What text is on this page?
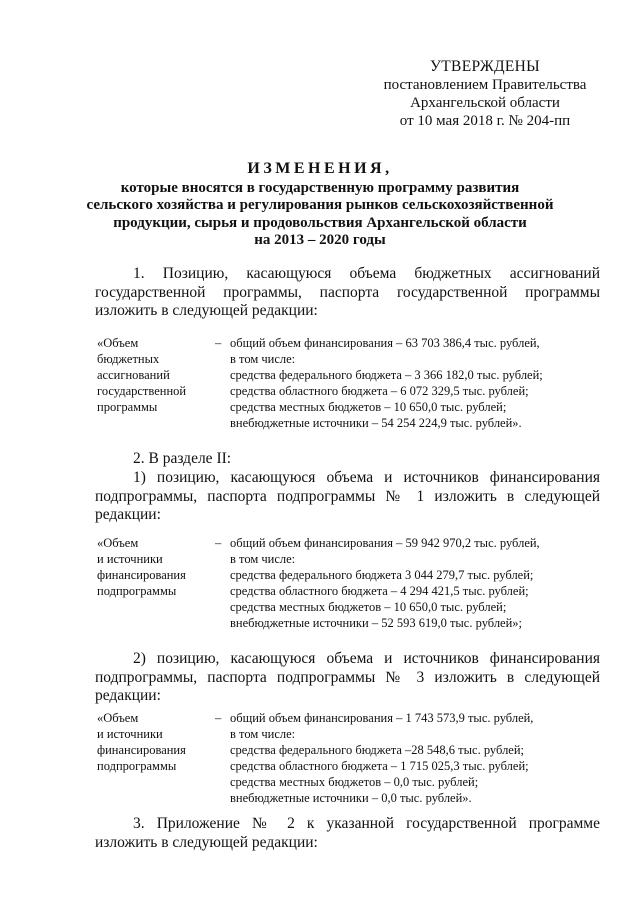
УТВЕРЖДЕНЫ
постановлением Правительства
Архангельской области
от 10 мая 2018 г. № 204-пп
ИЗМЕНЕНИЯ,
которые вносятся в государственную программу развития
сельского хозяйства и регулирования рынков сельскохозяйственной
продукции, сырья и продовольствия Архангельской области
на 2013 – 2020 годы
1. Позицию, касающуюся объема бюджетных ассигнований государственной программы, паспорта государственной программы изложить в следующей редакции:
«Объем
бюджетных
ассигнований
государственной
программы
– общий объем финансирования – 63 703 386,4 тыс. рублей,
в том числе:
средства федерального бюджета – 3 366 182,0 тыс. рублей;
средства областного бюджета – 6 072 329,5 тыс. рублей;
средства местных бюджетов – 10 650,0 тыс. рублей;
внебюджетные источники – 54 254 224,9 тыс. рублей».
2. В разделе II:
1) позицию, касающуюся объема и источников финансирования подпрограммы, паспорта подпрограммы № 1 изложить в следующей редакции:
«Объем
и источники
финансирования
подпрограммы
– общий объем финансирования – 59 942 970,2 тыс. рублей,
в том числе:
средства федерального бюджета 3 044 279,7 тыс. рублей;
средства областного бюджета – 4 294 421,5 тыс. рублей;
средства местных бюджетов – 10 650,0 тыс. рублей;
внебюджетные источники – 52 593 619,0 тыс. рублей»;
2) позицию, касающуюся объема и источников финансирования подпрограммы, паспорта подпрограммы № 3 изложить в следующей редакции:
«Объем
и источники
финансирования
подпрограммы
– общий объем финансирования – 1 743 573,9 тыс. рублей,
в том числе:
средства федерального бюджета –28 548,6 тыс. рублей;
средства областного бюджета – 1 715 025,3 тыс. рублей;
средства местных бюджетов – 0,0 тыс. рублей;
внебюджетные источники – 0,0 тыс. рублей».
3. Приложение № 2 к указанной государственной программе изложить в следующей редакции:
